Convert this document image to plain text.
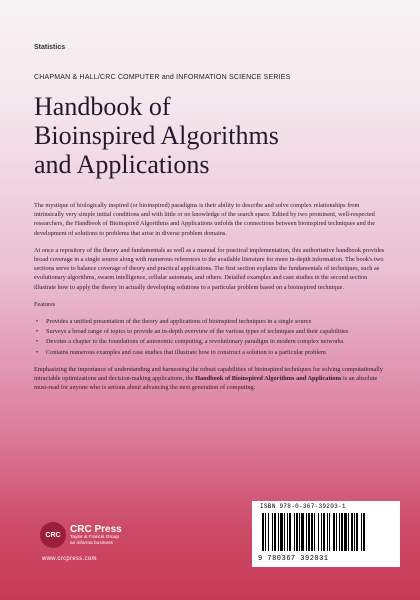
Statistics
CHAPMAN & HALL/CRC COMPUTER and INFORMATION SCIENCE SERIES
Handbook of
Bioinspired Algorithms
and Applications

The mystique of biologically inspired (or bioinspired) paradigms is their ability to describe and solve complex relationships from intrinsically very simple initial conditions and with little or no knowledge of the search space. Edited by two prominent, well-respected researchers, the Handbook of Bioinspired Algorithms and Applications unfolds the connections between bioinspired techniques and the development of solutions to problems that arise in diverse problem domains.

At once a repository of the theory and fundamentals as well as a manual for practical implementation, this authoritative handbook provides broad coverage in a single source along with numerous references to the available literature for more in-depth information. The book's two sections serve to balance coverage of theory and practical applications. The first section explains the fundamentals of techniques, such as evolutionary algorithms, swarm intelligence, cellular automata, and others. Detailed examples and case studies in the second section illustrate how to apply the theory in actually developing solutions to a particular problem based on a bioinspired technique.

Features

• Provides a unified presentation of the theory and applications of bioinspired techniques in a single source
• Surveys a broad range of topics to provide an in-depth overview of the various types of techniques and their capabilities
• Devotes a chapter to the foundations of autonomic computing, a revolutionary paradigm in modern complex networks
• Contains numerous examples and case studies that illustrate how to construct a solution to a particular problem

Emphasizing the importance of understanding and harnessing the robust capabilities of bioinspired techniques for solving computationally intractable optimizations and decision-making applications, the Handbook of Bioinspired Algorithms and Applications is an absolute must-read for anyone who is serious about advancing the next generation of computing.

CRC
CRC Press
Taylor & Francis Group
an informa business
www.crcpress.com
ISBN 978-0-367-39203-1
9 780367 392031
